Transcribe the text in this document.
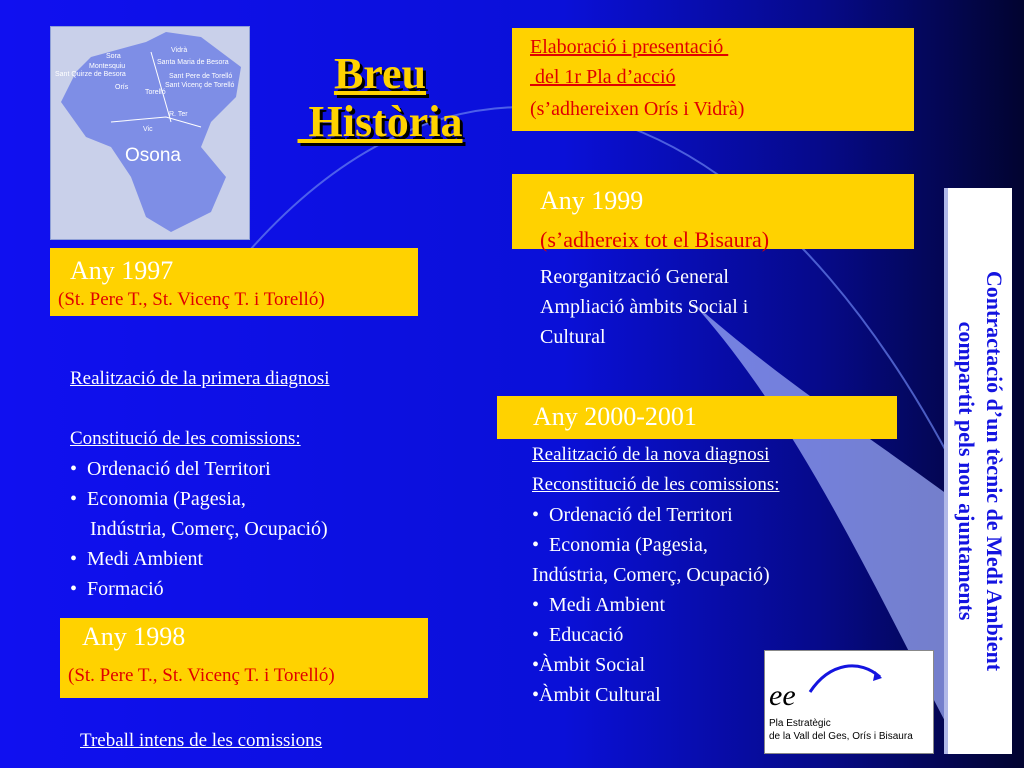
Vidrà
Sora
Santa Maria de Besora
Montesquiu
Sant Quirze de Besora	Sant Pere de Torelló
Orís
Torelló
Sant Vicenç de Torelló
Vic
R. Ter
Osona
Breu
Història
Elaboració i presentació
del 1r Pla d’acció
(s’adhereixen Orís i Vidrà)
Any 1999
(s’adhereix tot el Bisaura)
Reorganització General
Ampliació àmbits Social i
Cultural
Any 1997
(St. Pere T., St. Vicenç T. i Torelló)
Realització de la primera diagnosi
Constitució de les comissions:
•  Ordenació del Territori
•  Economia (Pagesia,
Indústria, Comerç, Ocupació)
•  Medi Ambient
•  Formació
Any 1998
(St. Pere T., St. Vicenç T. i Torelló)
Treball intens de les comissions
Any 2000-2001
Realització de la nova diagnosi
Reconstitució de les comissions:
•  Ordenació del Territori
•  Economia (Pagesia,
Indústria, Comerç, Ocupació)
•  Medi Ambient
•  Educació
•Àmbit Social
•Àmbit Cultural
Contractació d’un tècnic de Medi Ambient
compartit pels nou ajuntaments
ee
Pla Estratègic
de la Vall del Ges, Orís i Bisaura
